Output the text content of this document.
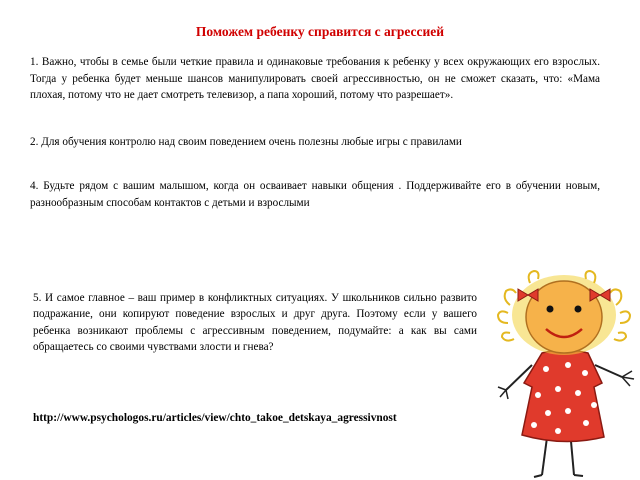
Поможем ребенку справится с агрессией

1. Важно, чтобы в семье были четкие правила и одинаковые требования к ребенку у всех окружающих его взрослых. Тогда у ребенка будет меньше шансов манипулировать своей агрессивностью, он не сможет сказать, что: «Мама плохая, потому что не дает смотреть телевизор, а папа хороший, потому что разрешает».

2. Для обучения контролю над своим поведением очень полезны любые игры с правилами

4. Будьте рядом с вашим малышом, когда он осваивает навыки общения . Поддерживайте его в обучении новым, разнообразным способам контактов с детьми и взрослыми

5. И самое главное – ваш пример в конфликтных ситуациях. У школьников сильно развито подражание, они копируют поведение взрослых и друг друга. Поэтому если у вашего ребенка возникают проблемы с агрессивным поведением, подумайте: а как вы сами обращаетесь со своими чувствами злости и гнева?

http://www.psychologos.ru/articles/view/chto_takoe_detskaya_agressivnost
